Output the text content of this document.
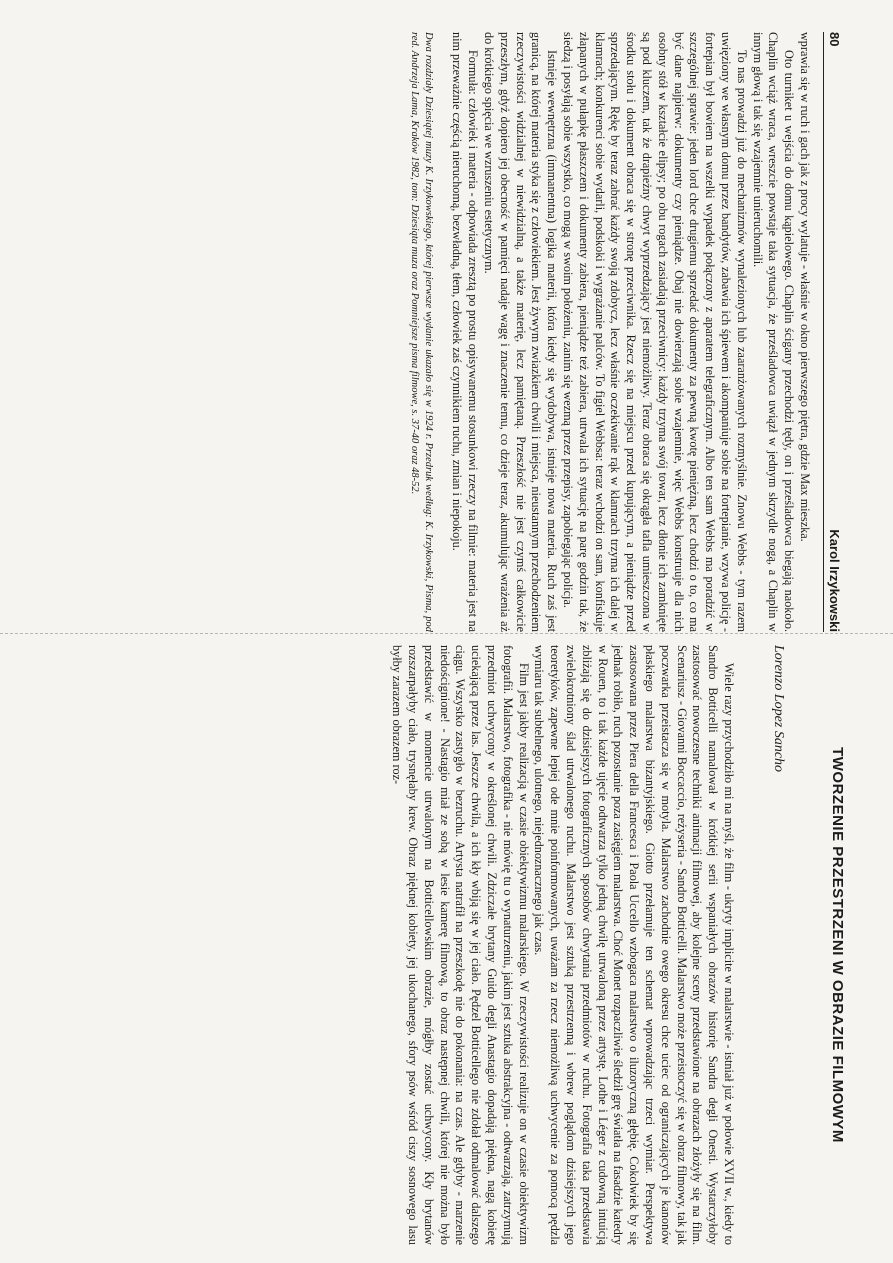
80
Karol Irzykowski

wprawia się w ruch i gach jak z procy wylatuje - właśnie w okno pierwszego piętra, gdzie Max mieszka.

Oto turniket u wejścia do domu kąpielowego. Chaplin ścigany przechodzi tędy, on i prześladowca biegają naokoło. Chaplin wciąż wraca, wreszcie powstaje taka sytuacja, że prześladowca uwiązł w jednym skrzydle nogą, a Chaplin w innym głową i tak się wzajemnie unieruchomili.

To nas prowadzi już do mechanizmów wynalezionych lub zaaranżowanych rozmyślnie. Znowu Webbs - tym razem uwięziony we własnym domu przez bandytów, zabawia ich śpiewem i akompaniuje sobie na fortepianie, wzywa policję - fortepian był bowiem na wszelki wypadek połączony z aparatem telegraficznym. Albo ten sam Webbs ma poradzić w szczególnej sprawie: jeden lord chce drugiemu sprzedać dokumenty za pewną kwotę pieniężną, lecz chodzi o to, co ma być dane najpierw: dokumenty czy pieniądze. Obaj nie dowierzają sobie wzajemnie, więc Webbs konstruuje dla nich osobny stół w kształcie elipsy; po obu rogach zasiadają przeciwnicy: każdy trzyma swój towar, lecz dłonie ich zamknięte są pod kluczem, tak że drapieżny chwyt wyprzedzający jest niemożliwy. Teraz obraca się okrągła tafla umieszczona w środku stołu i dokument obraca się w stronę przeciwnika. Rzecz się na miejscu przed kupującym, a pieniądze przed sprzedającym. Rękę by teraz zabrać każdy swoją zdobycz, lecz właśnie oczekiwanie rąk w klamrach trzyma ich dalej w klamrach; konkurenci sobie wydarli, podskoki i wygrażanie palców. To figiel Webbsa: teraz wchodzi on sam, konfiskuje złapanych w pułapkę płaszczem i dokumenty zabiera, pieniądze też zabiera, utrwala ich sytuację na parę godzin tak, że siedzą i posyłają sobie wszystko, co mogą w swoim położeniu, zanim się wezmą przez przepisy, zapobiegając policja.

Istnieje wewnętrzna (immanentna) logika materii, która kiedy się wydobywa, istnieje nowa materia. Ruch zaś jest granicą, na której materia styka się z człowiekiem. Jest żywym zwiazkiem chwili i miejsca, nieustannym przechodzeniem rzeczywistości widzialnej w niewidzialną, a także materię, lecz pamiętaną. Przeszłość nie jest czymś całkowicie przeszłym, gdyż dopiero jej obecność w pamięci nadaje wagę i znaczenie temu, co dzieje teraz, akumulując wrażenia aż do krótkiego spięcia we wzruszeniu estetycznym.

Formuła: człowiek i materia - odpowiada zresztą po prostu opisywanemu stosunkowi rzeczy na filmie: materia jest na nim przeważnie częścią nieruchomą, bezwładną, tłem, człowiek zaś czynnikiem ruchu, zmian i niepokoju.

Dwa rozdziały Dziesiątej muzy K. Irzykowskiego, której pierwsze wydanie ukazało się w 1924 r. Przedruk według: K. Irzykowski, Pisma, pod red. Andrzeja Lama, Kraków 1982, tom: Dziesiąta muza oraz Pomniejsze pisma filmowe, s. 37-40 oraz 48-52.

TWORZENIE PRZESTRZENI W OBRAZIE FILMOWYM
Lorenzo Lopez Sancho

Wiele razy przychodziło mi na myśl, że film - ukryty implicite w malarstwie - istniał już w połowie XVII w., kiedy to Sandro Botticelli namalował w krótkiej serii wspaniałych obrazów historię Sandra degli Onesti. Wystarczyłoby zastosować nowoczesne techniki animacji filmowej, aby kolejne sceny przedstawione na obrazach złożyły się na film. Scenariusz - Giovanni Boccaccio, reżyseria - Sandro Botticelli. Malarstwo może przeistoczyć się w obraz filmowy, tak jak poczwarka przeistacza się w motyla. Malarstwo zachodnie owego okresu chce uciec od ograniczających je kanonów płaskiego malarstwa bizantyjskiego. Giotto przełamuje ten schemat wprowadzając trzeci wymiar. Perspektywa zastosowana przez Piera della Francesca i Paola Uccello wzbogaca malarstwo o iluzoryczną głębię. Cokolwiek by się jednak robiło, ruch pozostanie poza zasięgiem malarstwa. Choć Monet rozpaczliwie śledził grę światła na fasadzie katedry w Rouen, to i tak każde ujęcie odtwarza tylko jedną chwilę utrwaloną przez artystę. Lothe i Léger z cudowną intuicją zbliżają się do dzisiejszych fotograficznych sposobów chwytania przedmiotów w ruchu. Fotografia taka przedstawia zwielokrotniony ślad utrwalonego ruchu. Malarstwo jest sztuką przestrzenną i wbrew poglądom dzisiejszych jego teoretyków, zapewne lepiej ode mnie poinformowanych, uważam za rzecz niemożliwą uchwycenie za pomocą pędzla wymiaru tak subtelnego, ulotnego, niejednoznacznego jak czas.

Film jest jakby realizacją w czasie obiektywizmu malarskiego. W rzeczywistości realizuje on w czasie obiektywizm fotografii. Malarstwo, fotografika - nie mówię tu o wynaturzeniu, jakim jest sztuka abstrakcyjna - odtwarzają, zatrzymują przedmiot uchwycony w określonej chwili. Zdziczałe brytany Guido degli Anastagio dopadają piękna, nagą kobietę uciekającą przez las. Jeszcze chwila, a ich kły wbiją się w jej ciało. Pędzel Botticellego nie zdołał odmalować dalszego ciągu. Wszystko zastygło w bezruchu. Artysta natrafił na przeszkodę nie do pokonania: na czas. Ale gdyby - marzenie niedoścignione! - Nastagio miał ze sobą w lesie kamerę filmową, to obraz następnej chwili, której nie można było przedstawić w momencie utrwalonym na Botticellowskim obrazie, mógłby zostać uchwycony. Kły brytanów rozszarpałyby ciało, trysnęłaby krew. Obraz pięknej kobiety, jej ukochanego, sfory psów wśród ciszy sosnowego lasu byłby zarazem obrazem roz-
